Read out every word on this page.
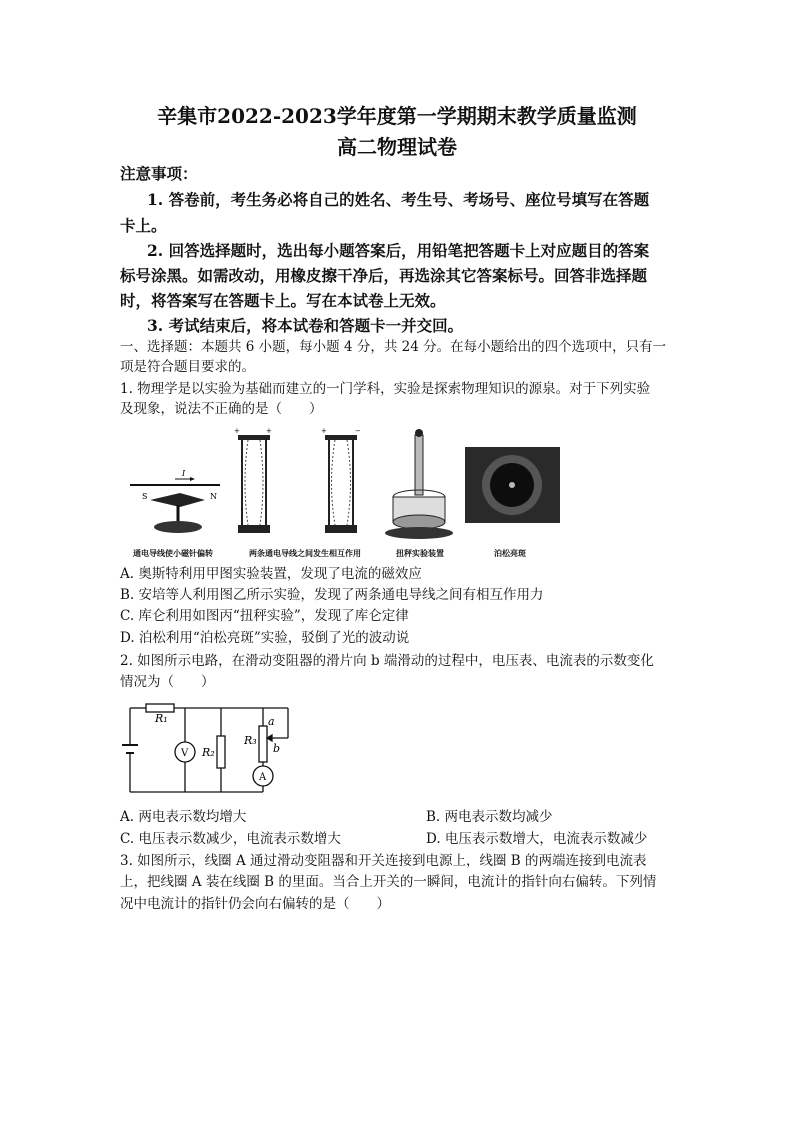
辛集市2022-2023学年度第一学期期末教学质量监测
高二物理试卷
注意事项：
1. 答卷前，考生务必将自己的姓名、考生号、考场号、座位号填写在答题
卡上。
2. 回答选择题时，选出每小题答案后，用铅笔把答题卡上对应题目的答案
标号涂黑。如需改动，用橡皮擦干净后，再选涂其它答案标号。回答非选择题
时，将答案写在答题卡上。写在本试卷上无效。
3. 考试结束后，将本试卷和答题卡一并交回。
一、选择题：本题共 6 小题，每小题 4 分，共 24 分。在每小题给出的四个选项中，只有一
项是符合题目要求的。
1. 物理学是以实验为基础而建立的一门学科，实验是探索物理知识的源泉。对于下列实验
及现象，说法不正确的是（　　）
I
S	N
+	+	+	−
通电导线使小磁针偏转	两条通电导线之间发生相互作用	扭秤实验装置	泊松亮斑
A. 奥斯特利用甲图实验装置，发现了电流的磁效应
B. 安培等人利用图乙所示实验，发现了两条通电导线之间有相互作用力
C. 库仑利用如图丙“扭秤实验”，发现了库仑定律
D. 泊松利用“泊松亮斑”实验，驳倒了光的波动说
2. 如图所示电路，在滑动变阻器的滑片向 b 端滑动的过程中，电压表、电流表的示数变化
情况为（　　）
R₁
V R₂
R₃
a
b
A
A. 两电表示数均增大	B. 两电表示数均减少
C. 电压表示数减少，电流表示数增大	D. 电压表示数增大，电流表示数减少
3. 如图所示，线圈 A 通过滑动变阻器和开关连接到电源上，线圈 B 的两端连接到电流表
上，把线圈 A 装在线圈 B 的里面。当合上开关的一瞬间，电流计的指针向右偏转。下列情
况中电流计的指针仍会向右偏转的是（　　）
